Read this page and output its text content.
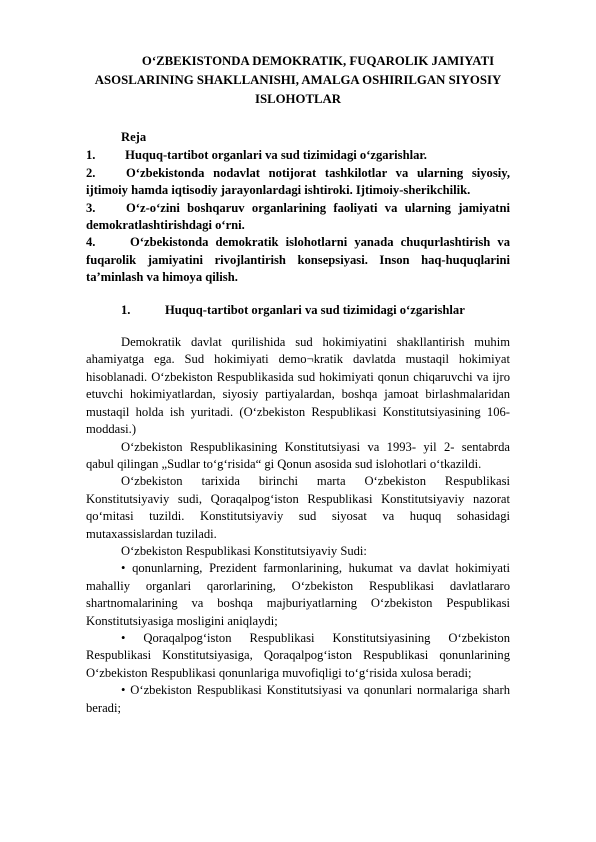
O‘ZBEKISTONDA DEMOKRATIK, FUQAROLIK JAMIYATI
ASOSLARINING SHAKLLANISHI, AMALGA OSHIRILGAN SIYOSIY
ISLOHOTLAR
Reja
1. Huquq-tartibot organlari va sud tizimidagi o‘zgarishlar.
2. O‘zbekistonda nodavlat notijorat tashkilotlar va ularning siyosiy, ijtimoiy hamda iqtisodiy jarayonlardagi ishtiroki. Ijtimoiy-sherikchilik.
3. O‘z-o‘zini boshqaruv organlarining faoliyati va ularning jamiyatni demokratlashtirishdagi o‘rni.
4.	O‘zbekistonda demokratik islohotlarni yanada chuqurlashtirish va fuqarolik jamiyatini rivojlantirish konsepsiyasi. Inson haq-huquqlarini ta’minlash va himoya qilish.
1.	Huquq-tartibot organlari va sud tizimidagi o‘zgarishlar

Demokratik davlat qurilishida sud hokimiyatini shakllantirish muhim ahamiyatga ega. Sud hokimiyati demo¬kratik davlatda mustaqil hokimiyat hisoblanadi. O‘zbekiston Respublikasida sud hokimiyati qonun chiqaruvchi va ijro etuvchi hokimiyatlardan, siyosiy partiyalardan, boshqa jamoat birlashmalaridan mustaqil holda ish yuritadi. (O‘zbekiston Respublikasi Konstitutsiyasining 106-moddasi.)

O‘zbekiston Respublikasining Konstitutsiyasi va 1993- yil 2- sentabrda qabul qilingan „Sudlar to‘g‘risida“ gi Qonun asosida sud islohotlari o‘tkazildi.

O‘zbekiston tarixida birinchi marta O‘zbekiston Respublikasi Konstitutsiyaviy sudi, Qoraqalpog‘iston Respublikasi Konstitutsiyaviy nazorat qo‘mitasi tuzildi. Konstitutsiyaviy sud siyosat va huquq sohasidagi mutaxassislardan tuziladi.

O‘zbekiston Respublikasi Konstitutsiyaviy Sudi:

• qonunlarning, Prezident farmonlarining, hukumat va davlat hokimiyati mahalliy organlari qarorlarining, O‘zbekiston Respublikasi davlatlararo shartnomalarining va boshqa majburiyatlarning O‘zbekiston Pespublikasi Konstitutsiyasiga mosligini aniqlaydi;

• Qoraqalpog‘iston Respublikasi Konstitutsiyasining O‘zbekiston Respublikasi Konstitutsiyasiga, Qoraqalpog‘iston Respublikasi qonunlarining O‘zbekiston Respublikasi qonunlariga muvofiqligi to‘g‘risida xulosa beradi;

• O‘zbekiston Respublikasi Konstitutsiyasi va qonunlari normalariga sharh beradi;
